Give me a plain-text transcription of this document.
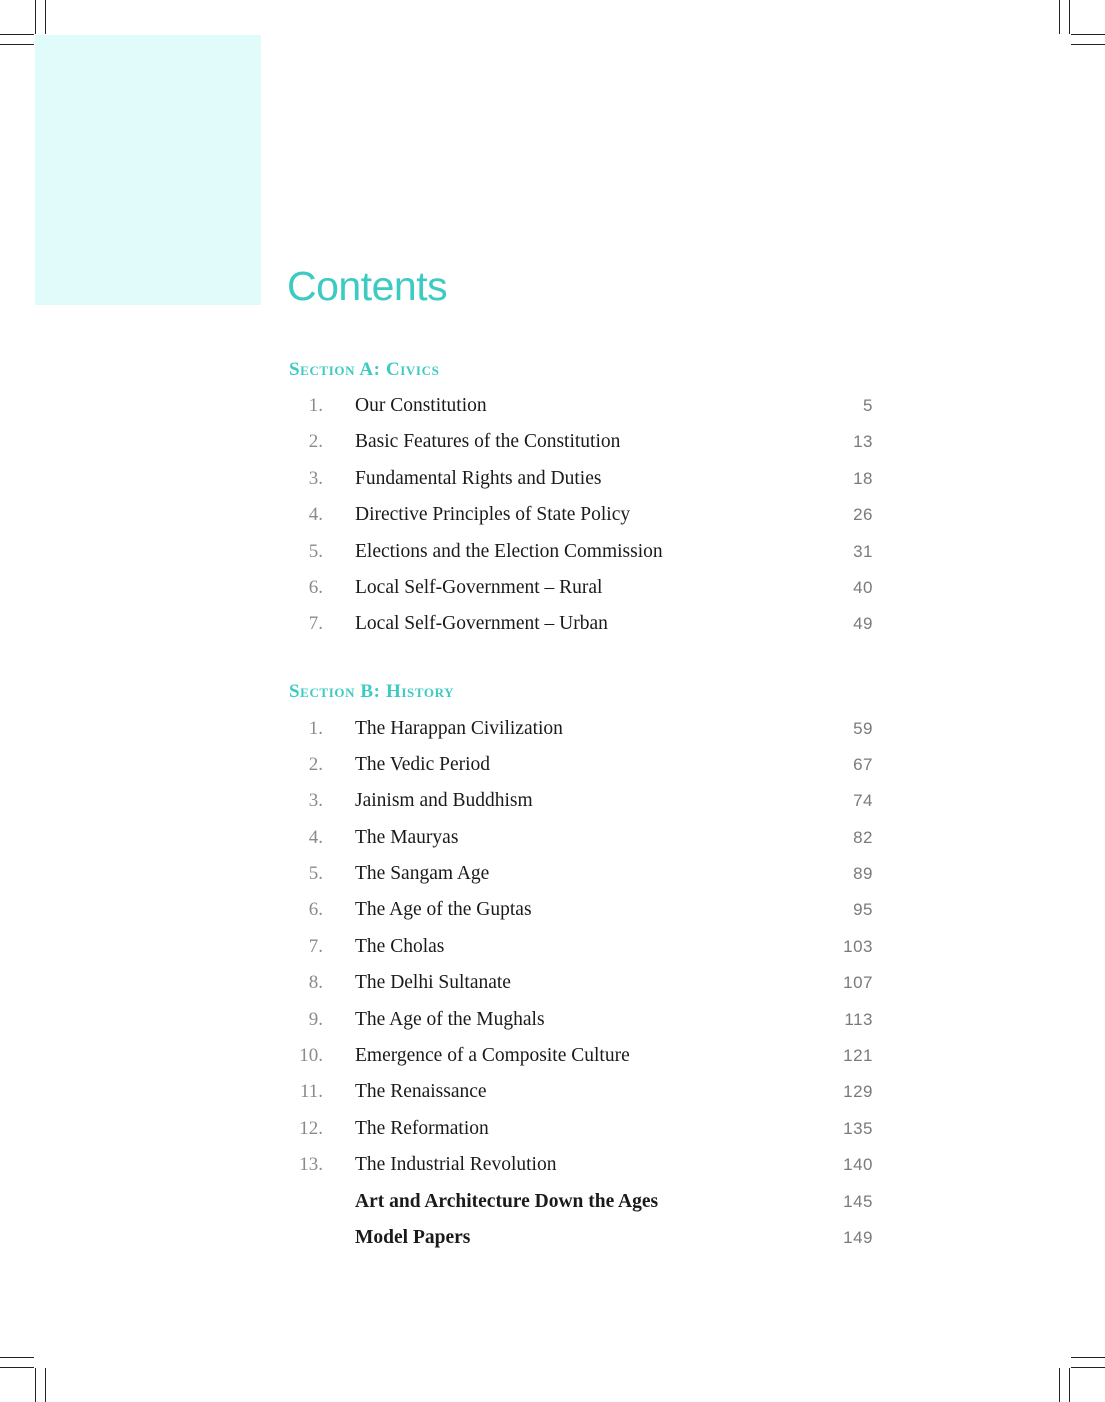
Contents
Section A: Civics
1. Our Constitution	5
2. Basic Features of the Constitution	13
3. Fundamental Rights and Duties	18
4. Directive Principles of State Policy	26
5. Elections and the Election Commission	31
6. Local Self-Government – Rural	40
7. Local Self-Government – Urban	49
Section B: History
1. The Harappan Civilization	59
2. The Vedic Period	67
3. Jainism and Buddhism	74
4. The Mauryas	82
5. The Sangam Age	89
6. The Age of the Guptas	95
7. The Cholas	103
8. The Delhi Sultanate	107
9. The Age of the Mughals	113
10. Emergence of a Composite Culture	121
11. The Renaissance	129
12. The Reformation	135
13. The Industrial Revolution	140
Art and Architecture Down the Ages	145
Model Papers	149
